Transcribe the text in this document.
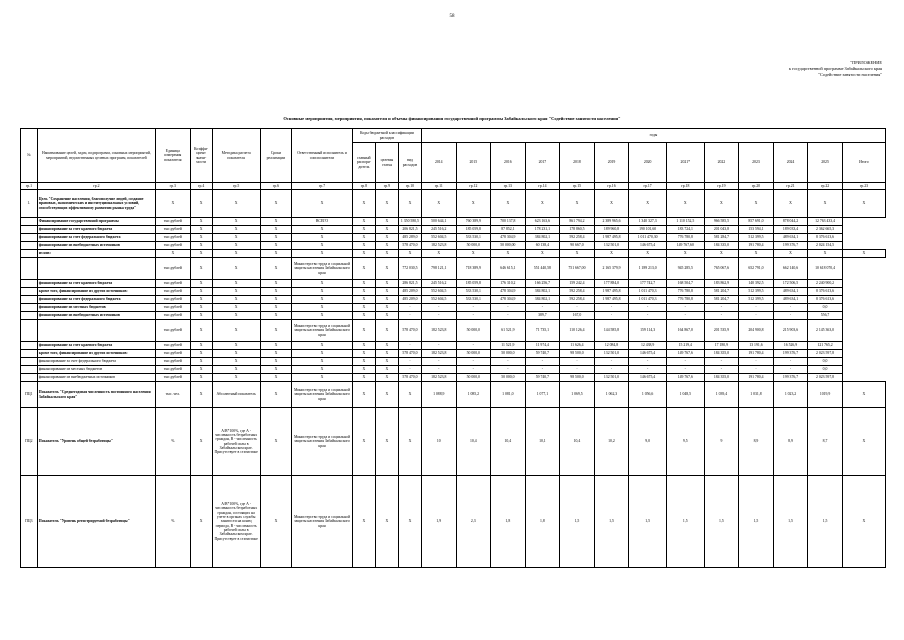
58
"ПРИЛОЖЕНИЕ
к государственной программе Забайкальского края
"Содействие занятости населения"
Основные мероприятия, мероприятия, показатели и объемы финансирования государственной программы Забайкальского края "Содействие занятости населения"
№	Наименование целей, задач, подпрограмм, основных мероприятий, мероприятий, ведомственных целевых программ, показателей	Единица измерения показателя	Коэффи-циент значи-мости	Методика расчета показателя	Сроки реализации	Ответственный исполнитель и соисполнители	Коды бюджетной классификации расходов			годы												
							главный распоря-дитель	целевая статья	вид расходов	2014	2015	2016	2017	2018	2019	2020	2021*	2022	2023	2024	2025	Итого
гр.1	гр.2	гр.3	гр.4	гр.5	гр.6	гр.7	гр.8	гр.9	гр.10	гр.11	гр.12	гр.13	гр.14	гр.15	гр.16	гр.17	гр.18	гр.19	гр.20	гр.21	гр.22	гр.23
1.	Цель "Сохранение населения, благополучие людей, создание правовых, экономических и институциональных условий, способствующих эффективному развитию рынка труда"	X	X	X	X	X	X	X	X	X	X	X	X	X	X	X	X	X	X	X	X	X
	Финансирование государственной программы	тыс.рублей	X	X	X	ВСЕГО	X	X	1 350 580,5	500 644,1	760 389,9	700 137,8	623 163,6	861 794,2	2 389 965,6	1 340 327,3	1 110 152,5	966 585,5	857 691,0	878 044,2	12 763 433,4	
	финансирование за счет краевого бюджета	тыс.рублей	X	X	X	X	X	X	206 821,5	245 516,2	185 059,8	87 852,1	178 231,1	178 860,5	189 960,8	190 101,60	183 724,1	201 043,8	153 594,1	189 033,4	2 362 665,3	
	финансирование за счет федерального бюджета	тыс.рублей	X	X	X	X	X	X	485 289,0	552 604,5	533 530,1	478 304,9	384 802,1	592 258,4	1 987 495,8	1 011 470,30	776 780,8	581 284,7	512 399,5	489 634,1	8 376 613,6	
	финансирование из внебюджетных источников	тыс.рублей	X	X	X	X	X	X	578 470,0	182 523,8	50 000,0	50 000,00	60 138,4	90 667,0	132 501,0	146 675,4	149 767,60	184 335,0	191 780,4	199 376,7	2 024 154,5	
	из них:	X	X	X	X	X	X	X	X	X	X	X	X	X	X	X	X	X	X	X	X	X
		тыс.рублей	X	X	X	Министерство труда и социальной защиты населения Забайкальского края	X	X	772 030,5	798 121,1	718 389,9	646 615,1	551 440,58	751 667,00	2 165 379,9	1 189 213,0	945 285,5	765 067,6	652 791,0	662 140,6	10 618 070,4	
	финансирование за счет краевого бюджета	тыс.рублей	X	X	X	X	X	X	286 821,5	245 516,2	185 059,8	176 310,2	166 256,7	159 242,4	177 884,0	177 742,7	168 504,7	183 862,9	140 392,5	172 506,5	2 240 900,2	
	кроме того, финансирование из других источников:	тыс.рублей	X	X	X	X	X	X	485 209,0	552 604,5	533 530,1	478 304,9	384 802,1	592 258,4	1 987 495,8	1 011 470,3	776 780,8	581 204,7	512 399,5	489 634,1	8 376 613,6	
	финансирование за счет федерального бюджета	тыс.рублей	X	X	X	X	X	X	485 209,0	552 604,5	533 530,1	478 304,9	384 802,1	592 258,4	1 987 495,8	1 011 470,3	776 780,8	581 204,7	512 399,5	489 634,1	8 376 613,6	
	финансирование из местных бюджетов	тыс.рублей	X	X	X	X	X	X	-	-	-	-	-	-	-	-	-	-	-	-	0,0	
	финансирование из внебюджетных источников	тыс.рублей	X	X	X	X	X	X	-	-	-	-	389,7	167,0	-	-	-	-	-	-	556,7	
		тыс.рублей	X	X	X	Министерство труда и социальной защиты населения Забайкальского края	X	X	578 470,0	182 523,8	50 000,0	61 521,9	71 735,1	110 126,4	144 585,8	159 114,3	164 867,0	201 535,9	204 900,8	215 903,6	2 145 363,0	
	финансирование за счет краевого бюджета	тыс.рублей	X	X	X	X	X	X	-	-	-	11 521,9	11 974,4	11 626,4	12 084,8	12 438,9	15 219,4	17 180,9	13 191,6	16 526,9	121 765,2	
	кроме того, финансирование из других источников:	тыс.рублей	X	X	X	X	X	X	578 470,0	182 523,8	50 000,0	50 000,0	59 740,7	98 500,0	132 501,0	146 675,4	149 767,6	184 355,0	191 780,4	199 376,7	2 023 597,8	
	финансирование за счет федерального бюджета	тыс.рублей	X	X	X	X	X	X	-	-	-	-	-	-	-	-	-	-	-	-	0,0	
	финансирование из местных бюджетов	тыс.рублей	X	X	X	X	X	X	-	-	-	-	-	-	-	-	-	-	-	-	0,0	
	финансирование из внебюджетных источников	тыс.рублей	X	X	X	X	X	X	578 470,0	182 523,8	50 000,0	50 000,0	59 740,7	98 500,0	132 501,0	146 675,4	149 767,6	184 355,0	191 780,4	199 376,7	2 023 597,8	
ПЦ1	Показатель "Среднегодовая численность постоянного населения Забайкальского края"	тыс. чел.	X	Абсолютный показатель	X	Министерство труда и социальной защиты населения Забайкальского края	X	X	X	1 088,9	1 085,2	1 081,0	1 077,1	1 069,5	1 062,3	1 056,6	1 048,5	1 039,4	1 031,8	1 023,2	1019,9	X
ПЦ2	Показатель "Уровень общей безработицы"	%	X	А/В*100%, где А - численность безработных граждан, В - численность рабочей силы в Забайкальском крае. Присутствует в статистике	X	Министерство труда и социальной защиты населения Забайкальского края	X	X	X	10	10,4	10,4	10,1	10,4	10,2	9,0	9,5	9	8,9	8,9	8,7	X
ПЦ3	Показатель "Уровень регистрируемой безработицы"	%	X	А/В*100%, где А - численность безработных граждан, состоящих на учете в органах службы занятости на конец периода, В - численность рабочей силы в Забайкальском крае. Присутствует в статистике	X	Министерство труда и социальной защиты населения Забайкальского края	X	X	X	1,9	2,3	1,8	1,8	1,5	1,5	1,5	1,5	1,5	1,5	1,5	1,5	X
